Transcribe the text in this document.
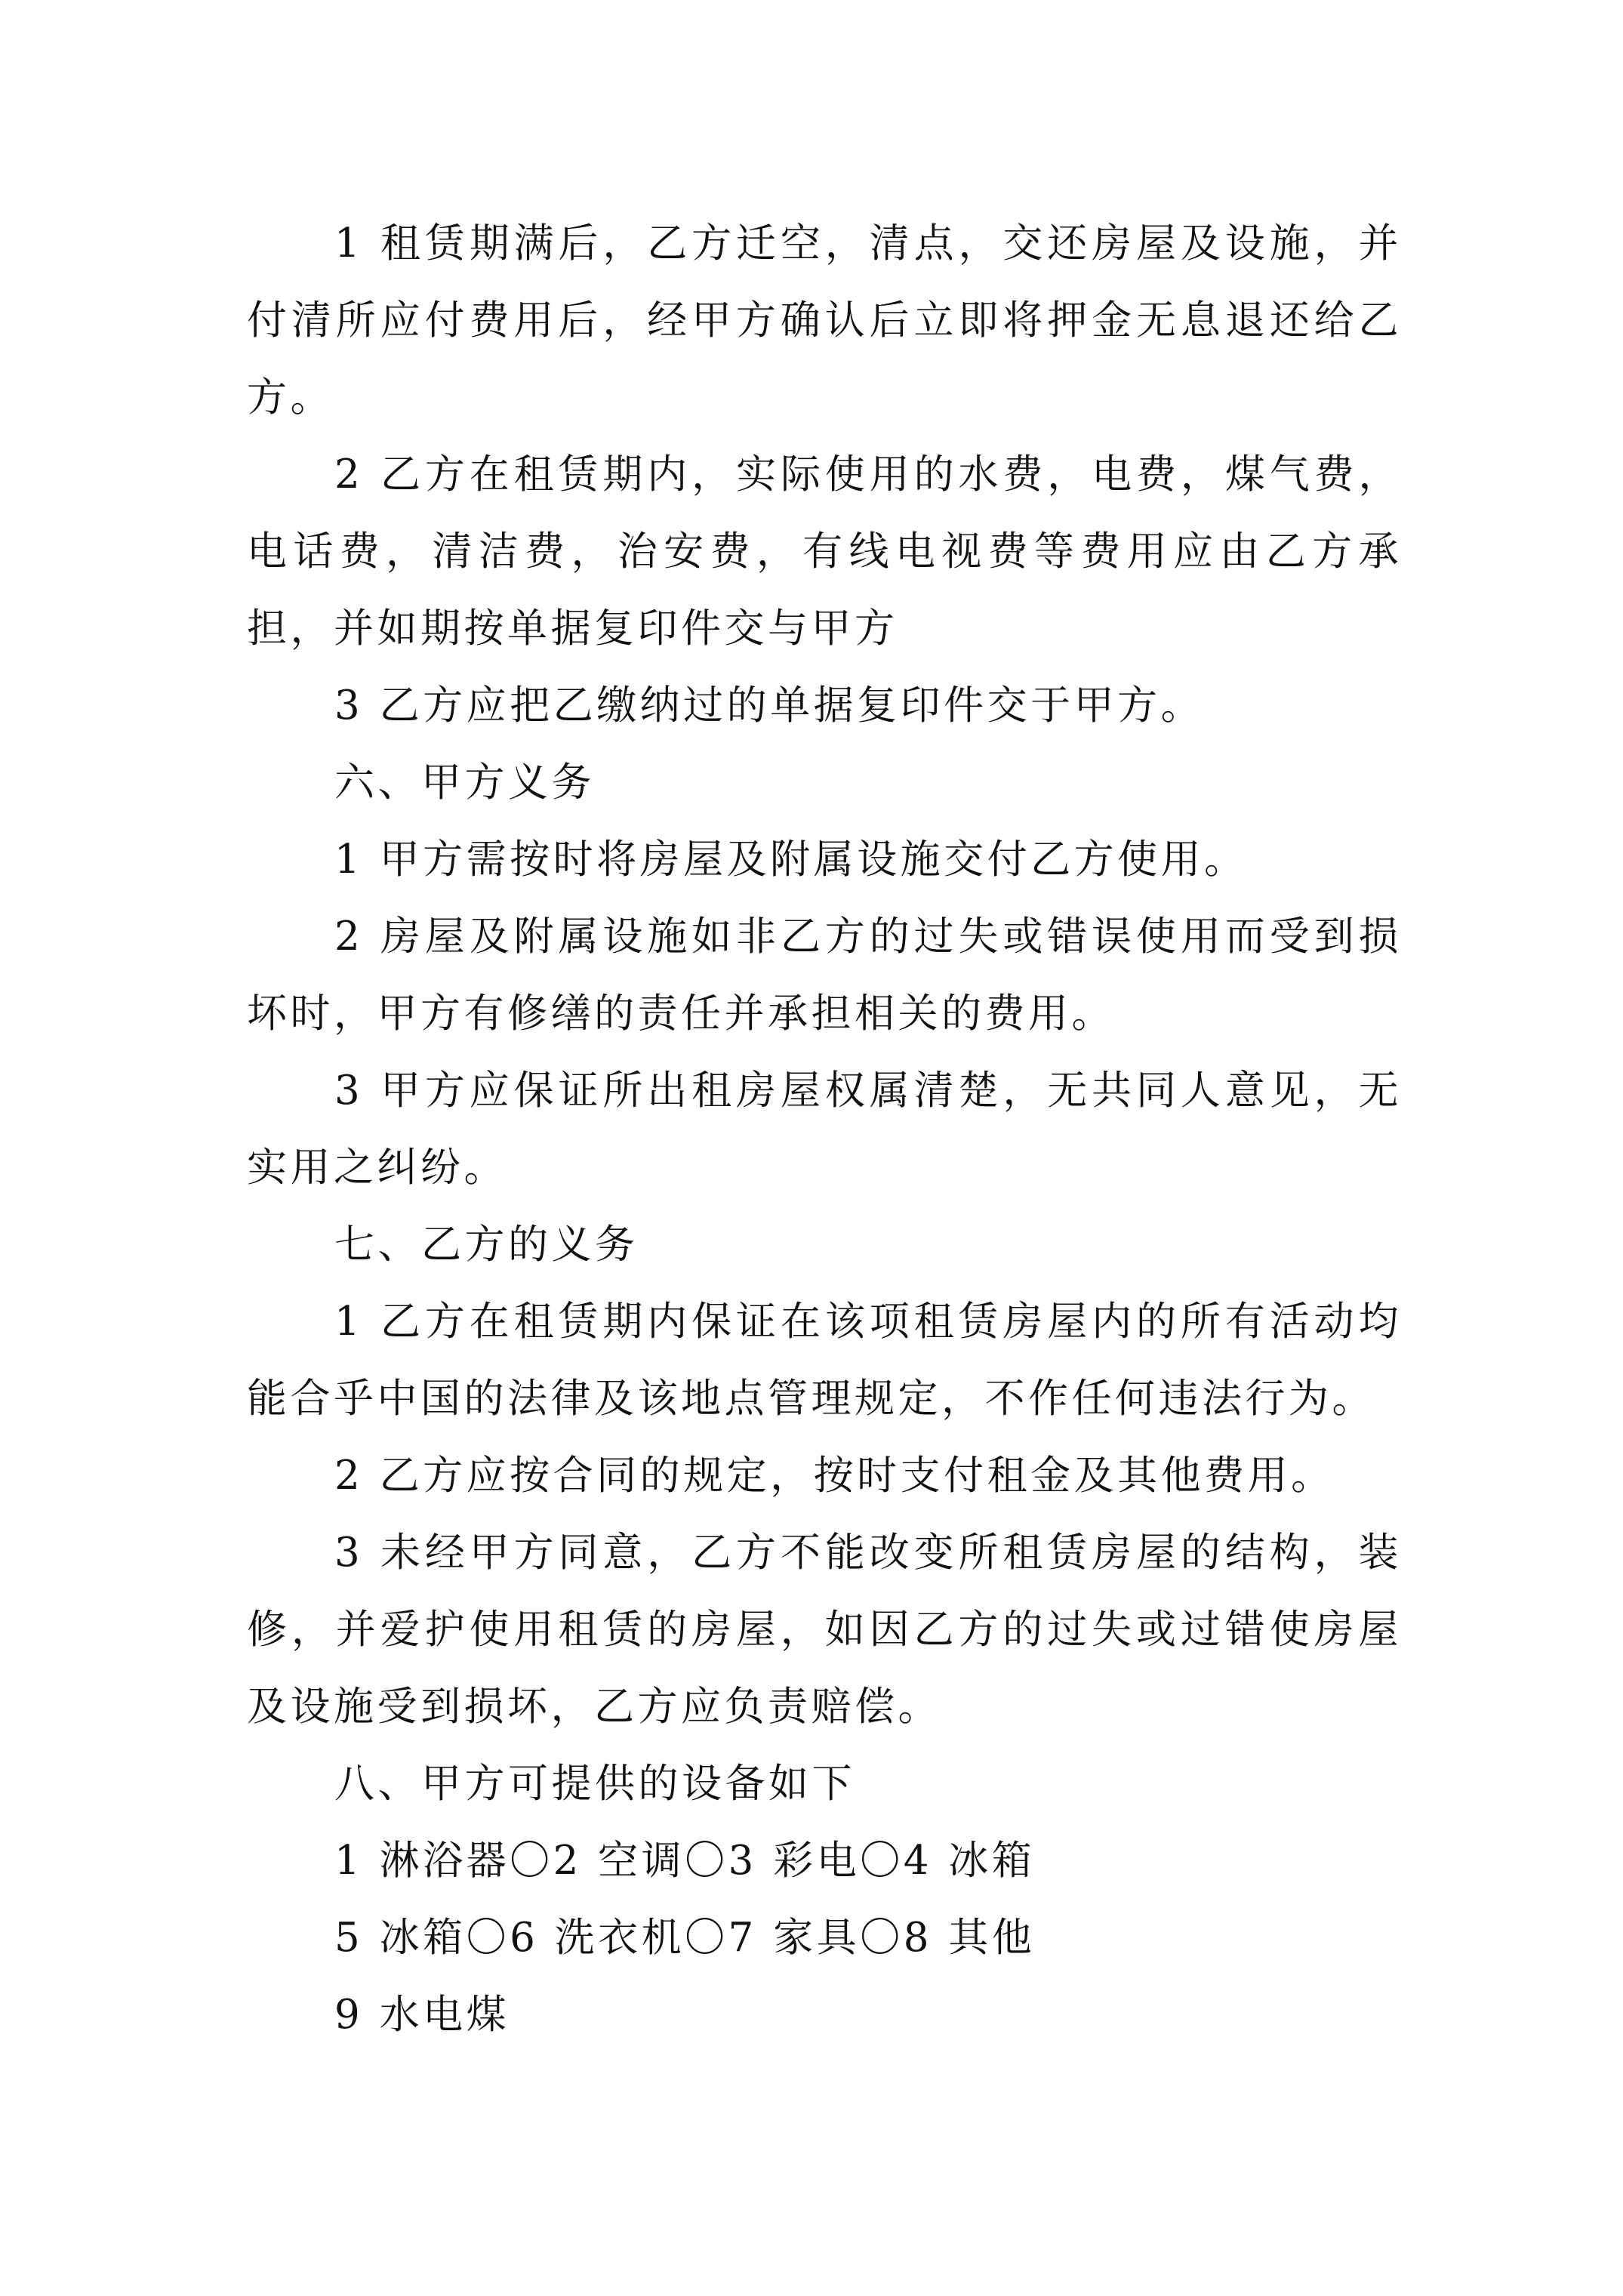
1 租赁期满后，乙方迁空，清点，交还房屋及设施，并付清所应付费用后，经甲方确认后立即将押金无息退还给乙方。

2 乙方在租赁期内，实际使用的水费，电费，煤气费，电话费，清洁费，治安费，有线电视费等费用应由乙方承担，并如期按单据复印件交与甲方

3 乙方应把乙缴纳过的单据复印件交于甲方。

六、甲方义务

1 甲方需按时将房屋及附属设施交付乙方使用。

2 房屋及附属设施如非乙方的过失或错误使用而受到损坏时，甲方有修缮的责任并承担相关的费用。

3 甲方应保证所出租房屋权属清楚，无共同人意见，无实用之纠纷。

七、乙方的义务

1 乙方在租赁期内保证在该项租赁房屋内的所有活动均能合乎中国的法律及该地点管理规定，不作任何违法行为。

2 乙方应按合同的规定，按时支付租金及其他费用。

3 未经甲方同意，乙方不能改变所租赁房屋的结构，装修，并爱护使用租赁的房屋，如因乙方的过失或过错使房屋及设施受到损坏，乙方应负责赔偿。

八、甲方可提供的设备如下

1 淋浴器〇2 空调〇3 彩电〇4 冰箱

5 冰箱〇6 洗衣机〇7 家具〇8 其他

9 水电煤
